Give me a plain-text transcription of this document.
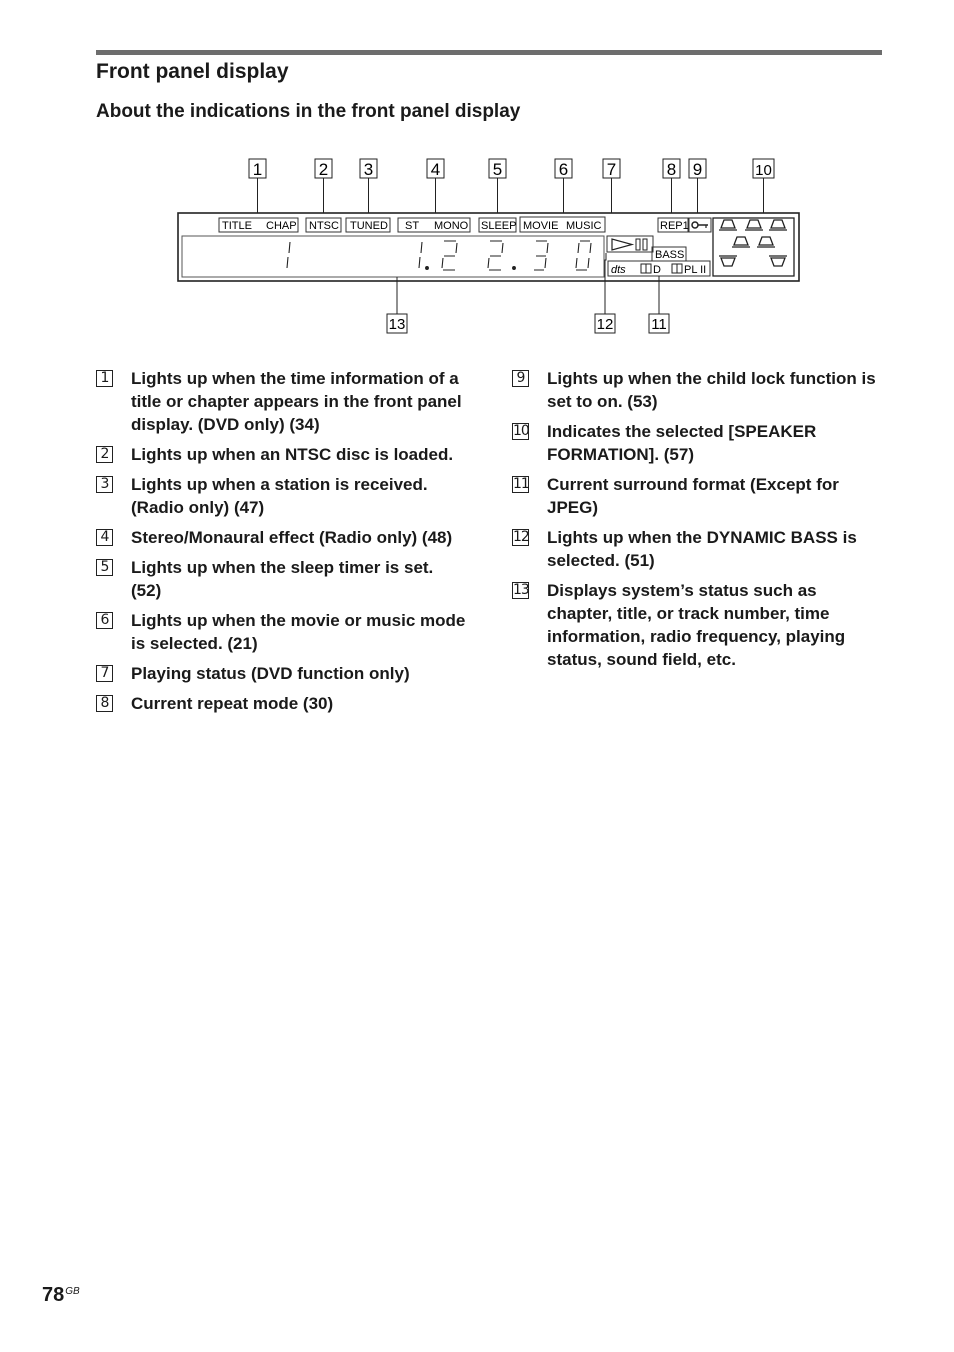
Front panel display
About the indications in the front panel display
1	2 3	4	5	6 7	8 9	10
TITLE CHAP NTSC TUNED ST MONO SLEEP MOVIE MUSIC	REP1
BASS
dts D PL II
13	12	11
1 Lights up when the time information of a title or chapter appears in the front panel display. (DVD only) (34)
2 Lights up when an NTSC disc is loaded.
3 Lights up when a station is received. (Radio only) (47)
4 Stereo/Monaural effect (Radio only) (48)
5 Lights up when the sleep timer is set. (52)
6 Lights up when the movie or music mode is selected. (21)
7 Playing status (DVD function only)
8 Current repeat mode (30)
9 Lights up when the child lock function is set to on. (53)
10 Indicates the selected [SPEAKER FORMATION]. (57)
11 Current surround format (Except for JPEG)
12 Lights up when the DYNAMIC BASS is selected. (51)
13 Displays system’s status such as chapter, title, or track number, time information, radio frequency, playing status, sound field, etc.
$78^{GB}$
